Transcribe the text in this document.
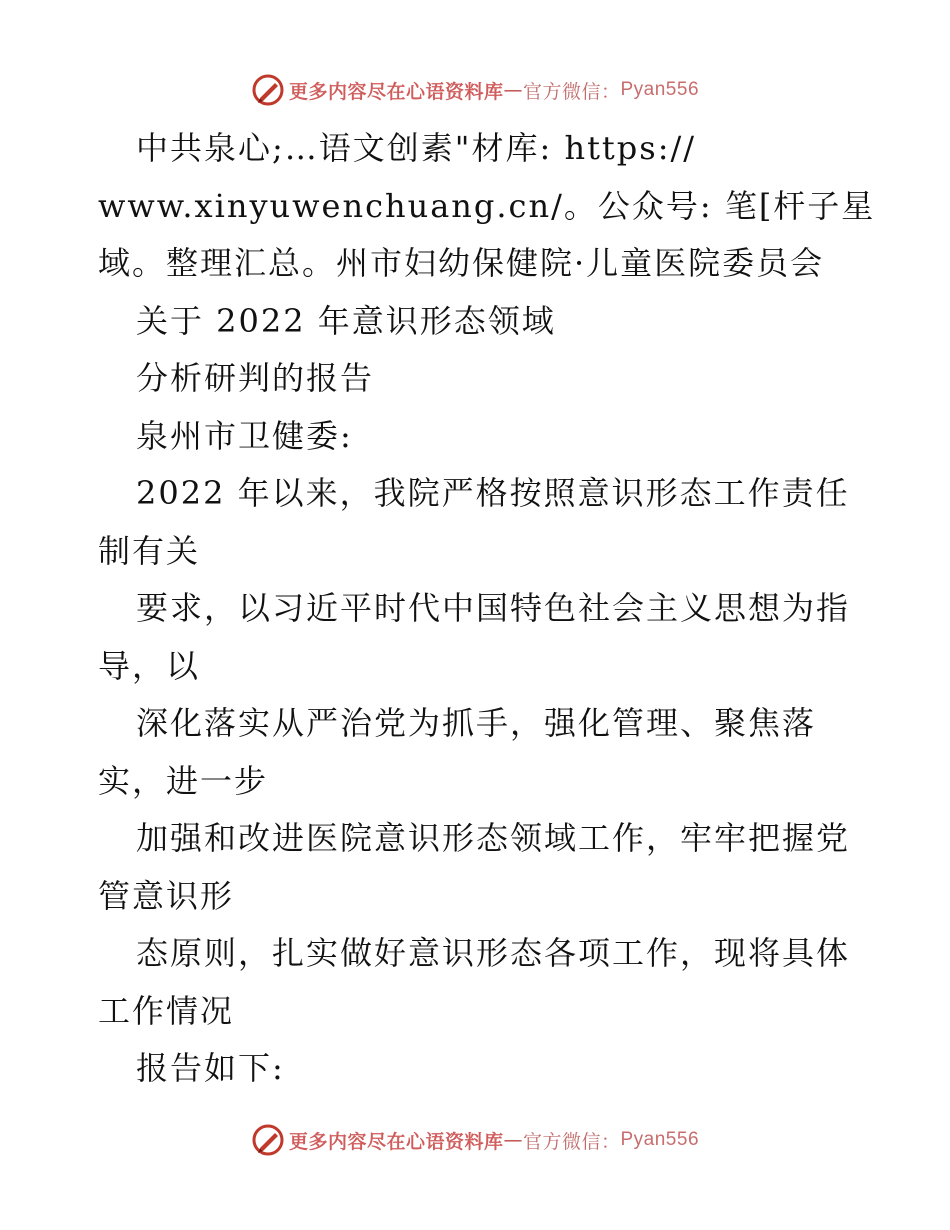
更多内容尽在心语资料库 — 官方微信： Pyan556
中共泉心;…语文创素"材库: https://
www.xinyuwenchuang.cn/。公众号: 笔[杆子星
域。整理汇总。州市妇幼保健院·儿童医院委员会
关于 2022 年意识形态领域
分析研判的报告
泉州市卫健委:
2022 年以来，我院严格按照意识形态工作责任
制有关
要求，以习近平时代中国特色社会主义思想为指
导，以
深化落实从严治党为抓手，强化管理、聚焦落
实，进一步
加强和改进医院意识形态领域工作，牢牢把握党
管意识形
态原则，扎实做好意识形态各项工作，现将具体
工作情况
报告如下:
更多内容尽在心语资料库 — 官方微信： Pyan556
